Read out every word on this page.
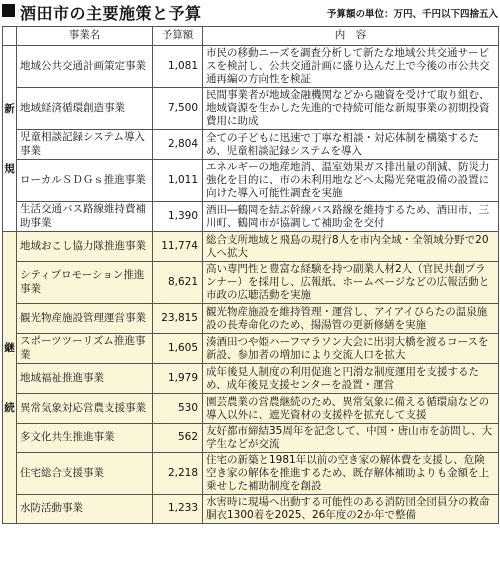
酒田市の主要施策と予算	予算額の単位：万円、千円以下四捨五入
	事業名	予算額	内　容

新
規	地域公共交通計画策定事業	1,081	市民の移動ニーズを調査分析して新たな地域公共交通サービスを検討し、公共交通計画に盛り込んだ上で今後の市公共交通再編の方向性を検証
	地域経済循環創造事業	7,500	民間事業者が地域金融機関などから融資を受けて取り組む、地域資源を生かした先進的で持続可能な新規事業の初期投資費用に助成
	児童相談記録システム導入事業	2,804	全ての子どもに迅速で丁寧な相談・対応体制を構築するため、児童相談記録システムを導入
	ローカルＳＤＧｓ推進事業	1,011	エネルギーの地産地消、温室効果ガス排出量の削減、防災力強化を目的に、市の未利用地などへ太陽光発電設備の設置に向けた導入可能性調査を実施
	生活交通バス路線維持費補助事業	1,390	酒田―鶴岡を結ぶ幹線バス路線を維持するため、酒田市、三川町、鶴岡市が協調して補助金を交付

継
続	地域おこし協力隊推進事業	11,774	総合支所地域と飛島の現行8人を市内全域・全領域分野で20人へ拡大
	シティプロモーション推進事業	8,621	高い専門性と豊富な経験を持つ副業人材2人（官民共創プランナー）を採用し、広報紙、ホームページなどの広報活動と市政の広聴活動を実施
	観光物産施設管理運営事業	23,815	観光物産施設を維持管理・運営し、アイアイひらたの温泉施設の長寿命化のため、揚湯管の更新修繕を実施
	スポーツツーリズム推進事業	1,605	湊酒田つや姫ハーフマラソン大会に出羽大橋を渡るコースを新設、参加者の増加により交流人口を拡大
	地域福祉推進事業	1,979	成年後見人制度の利用促進と円滑な制度運用を支援するため、成年後見支援センターを設置・運営
	異常気象対応営農支援事業	530	園芸農業の営農継続のため、異常気象に備える循環扇などの導入以外に、遮光資材の支援枠を拡充して支援
	多文化共生推進事業	562	友好都市締結35周年を記念して、中国・唐山市を訪問し、大学生などが交流
	住宅総合支援事業	2,218	住宅の新築と1981年以前の空き家の解体費を支援し、危険空き家の解体を推進するため、既存解体補助よりも金額を上乗せした補助制度を創設
	水防活動事業	1,233	水害時に現場へ出動する可能性のある消防団全団員分の救命胴衣1300着を2025、26年度の2か年で整備
